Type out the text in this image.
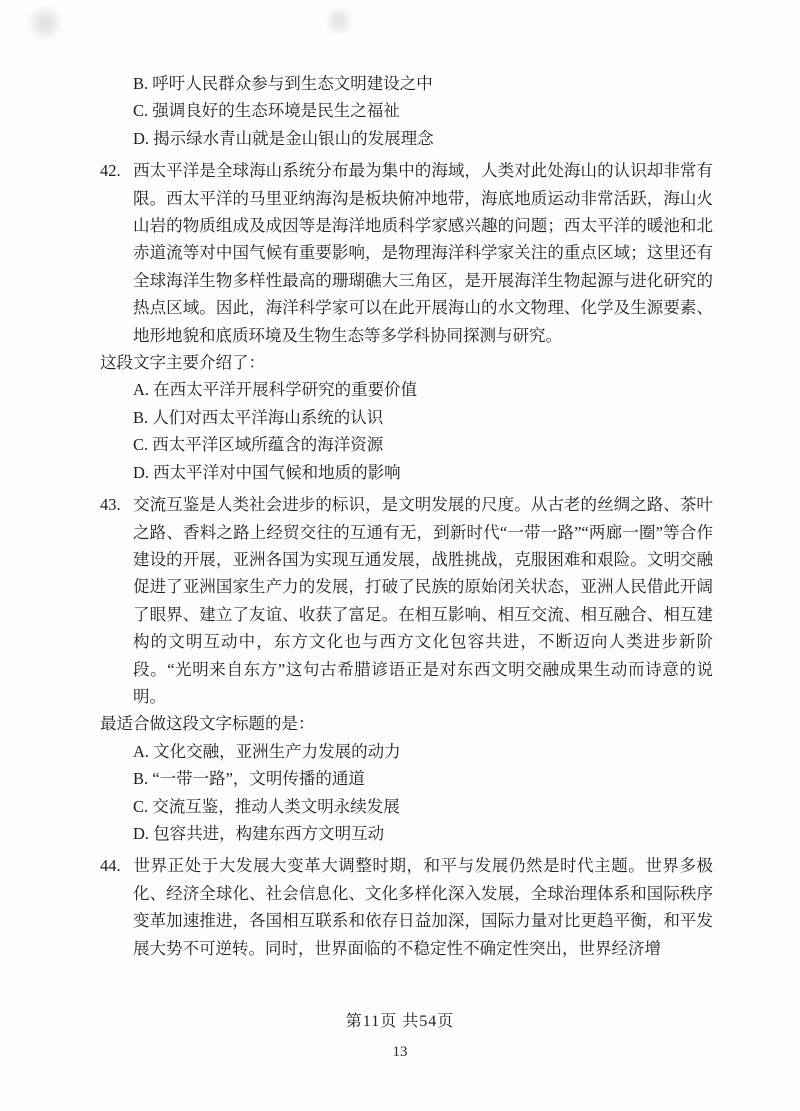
B. 呼吁人民群众参与到生态文明建设之中

C. 强调良好的生态环境是民生之福祉

D. 揭示绿水青山就是金山银山的发展理念

42. 西太平洋是全球海山系统分布最为集中的海域，人类对此处海山的认识却非常有限。西太平洋的马里亚纳海沟是板块俯冲地带，海底地质运动非常活跃，海山火山岩的物质组成及成因等是海洋地质科学家感兴趣的问题；西太平洋的暖池和北赤道流等对中国气候有重要影响，是物理海洋科学家关注的重点区域；这里还有全球海洋生物多样性最高的珊瑚礁大三角区，是开展海洋生物起源与进化研究的热点区域。因此，海洋科学家可以在此开展海山的水文物理、化学及生源要素、地形地貌和底质环境及生物生态等多学科协同探测与研究。

这段文字主要介绍了：

A. 在西太平洋开展科学研究的重要价值

B. 人们对西太平洋海山系统的认识

C. 西太平洋区域所蕴含的海洋资源

D. 西太平洋对中国气候和地质的影响

43. 交流互鉴是人类社会进步的标识，是文明发展的尺度。从古老的丝绸之路、茶叶之路、香料之路上经贸交往的互通有无，到新时代“一带一路”“两廊一圈”等合作建设的开展，亚洲各国为实现互通发展，战胜挑战，克服困难和艰险。文明交融促进了亚洲国家生产力的发展，打破了民族的原始闭关状态，亚洲人民借此开阔了眼界、建立了友谊、收获了富足。在相互影响、相互交流、相互融合、相互建构的文明互动中，东方文化也与西方文化包容共进，不断迈向人类进步新阶段。“光明来自东方”这句古希腊谚语正是对东西文明交融成果生动而诗意的说明。

最适合做这段文字标题的是：

A. 文化交融，亚洲生产力发展的动力

B. “一带一路”，文明传播的通道

C. 交流互鉴，推动人类文明永续发展

D. 包容共进，构建东西方文明互动

44. 世界正处于大发展大变革大调整时期，和平与发展仍然是时代主题。世界多极化、经济全球化、社会信息化、文化多样化深入发展，全球治理体系和国际秩序变革加速推进，各国相互联系和依存日益加深，国际力量对比更趋平衡，和平发展大势不可逆转。同时，世界面临的不稳定性不确定性突出，世界经济增

第11页 共54页

13
